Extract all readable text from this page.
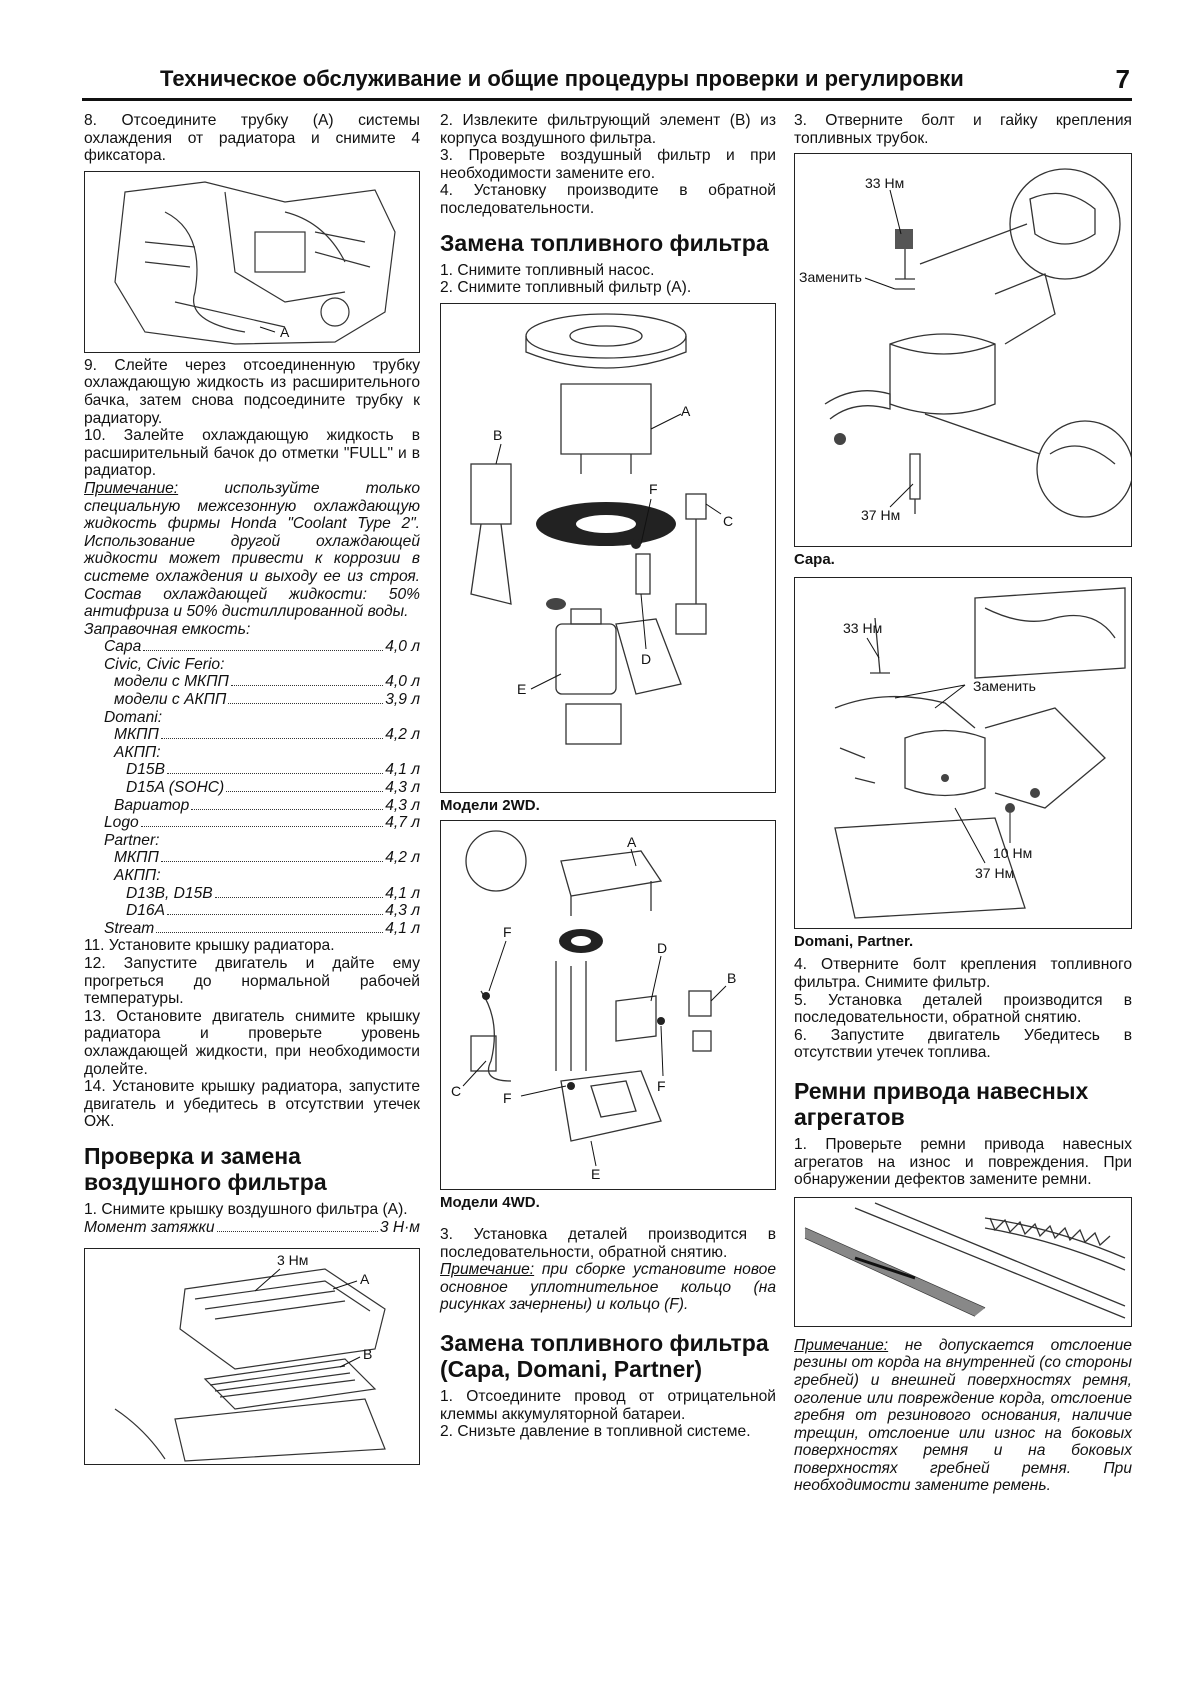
Техническое обслуживание и общие процедуры проверки и регулировки	7

8. Отсоедините трубку (А) системы охлаждения от радиатора и снимите 4 фиксатора.

A

9. Слейте через отсоединенную трубку охлаждающую жидкость из расширительного бачка, затем снова подсоедините трубку к радиатору.

10. Залейте охлаждающую жидкость в расширительный бачок до отметки "FULL" и в радиатор.

Примечание:	используйте только специальную межсезонную охлаждающую жидкость фирмы Honda "Coolant Type 2". Использование другой охлаждающей жидкости может привести к коррозии в системе охлаждения и выходу ее из строя. Состав охлаждающей жидкости: 50% антифриза и 50% дистиллированной воды.

Заправочная емкость:

Capa	4,0 л
Civic, Civic Ferio:
модели с МКПП	4,0 л
модели с АКПП	3,9 л
Domani:
МКПП	4,2 л
АКПП:
D15B	4,1 л
D15A (SOHC)	4,3 л
Вариатор	4,3 л
Logo	4,7 л
Partner:
МКПП	4,2 л
АКПП:
D13B, D15B	4,1 л
D16A	4,3 л
Stream	4,1 л

11. Установите крышку радиатора.

12. Запустите двигатель и дайте ему прогреться до нормальной рабочей температуры.

13. Остановите двигатель снимите крышку радиатора и проверьте уровень охлаждающей жидкости, при необходимости долейте.

14. Установите крышку радиатора, запустите двигатель и убедитесь в отсутствии утечек ОЖ.

Проверка и замена воздушного фильтра

1. Снимите крышку воздушного фильтра (А).

Момент затяжки	3 Н·м
3 Нм
A
B

2. Извлеките фильтрующий элемент (В) из корпуса воздушного фильтра.

3. Проверьте воздушный фильтр и при необходимости замените его.

4. Установку производите в обратной последовательности.

Замена топливного фильтра

1. Снимите топливный насос.

2. Снимите топливный фильтр (А).

A
B
C
D
E
F
Модели 2WD.
A
B
C
D
E
F
F
F
Модели 4WD.

3. Установка деталей производится в последовательности, обратной снятию.

Примечание: при сборке установите новое основное уплотнительное кольцо (на рисунках зачернены) и кольцо (F).

Замена топливного фильтра (Capa, Domani, Partner)

1. Отсоедините провод от отрицательной клеммы аккумуляторной батареи.

2. Снизьте давление в топливной системе.

3. Отверните болт и гайку крепления топливных трубок.

33 Нм
Заменить
37 Нм
Capa.
33 Нм
Заменить
10 Нм
37 Нм
Domani, Partner.

4. Отверните болт крепления топливного фильтра. Снимите фильтр.

5. Установка деталей производится в последовательности, обратной снятию.

6. Запустите двигатель Убедитесь в отсутствии утечек топлива.

Ремни привода навесных агрегатов

1. Проверьте ремни привода навесных агрегатов на износ и повреждения. При обнаружении дефектов замените ремни.

Примечание: не допускается отслоение резины от корда на внутренней (со стороны гребней) и внешней поверхностях ремня, оголение или повреждение корда, отслоение гребня от резинового основания, наличие трещин, отслоение или износ на боковых поверхностях ремня и на боковых поверхностях гребней ремня. При необходимости замените ремень.
